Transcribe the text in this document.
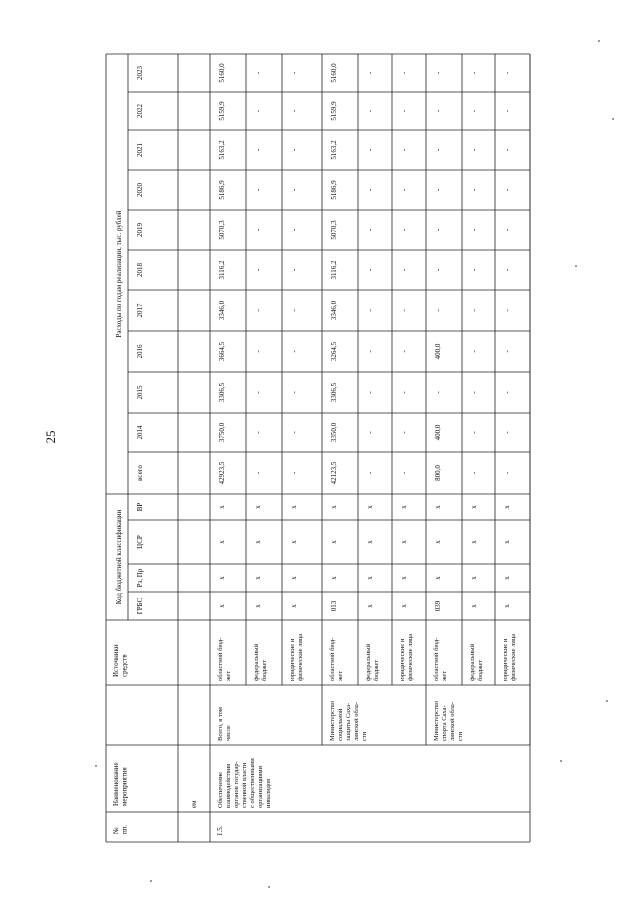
25
№пп.
Наименованиемероприятия
Источникисредств
Код бюджетной классификации
Расходы по годам реализации, тыс. рублей
ГРБС
Рз, Пр
ЦСР
ВР
всего
2014
2015
2016
2017
2018
2019
2020
2021
2022
2023
ем
1.5.
Обеспечениевзаимодействияорганов государ-ственной властис общественнымиорганизациямиинвалидов
Всего, в томчисле
областной бюд-жет
x
x
x
x
42923,5
3750,0
3306,5
3664,5
3346,0
3116,2
5070,3
5186,9
5163,2
5159,9
5160,0
федеральныйбюджет
x
x
x
x
-
-
-
-
-
-
-
-
-
-
-
юридические ифизические лица
x
x
x
x
-
-
-
-
-
-
-
-
-
-
-
Министерствосоциальнойзащиты Саха-линской обла-сти
областной бюд-жет
013
x
x
x
42123,5
3350,0
3306,5
3264,5
3346,0
3116,2
5070,3
5186,9
5163,2
5159,9
5160,0
федеральныйбюджет
x
x
x
x
-
-
-
-
-
-
-
-
-
-
-
юридические ифизические лица
x
x
x
x
-
-
-
-
-
-
-
-
-
-
-
Министерствоспорта Саха-линской обла-сти
областной бюд-жет
039
x
x
x
800,0
400,0
-
400,0
-
-
-
-
-
-
-
федеральныйбюджет
x
x
x
x
-
-
-
-
-
-
-
-
-
-
-
юридические ифизические лица
x
x
x
x
-
-
-
-
-
-
-
-
-
-
-
